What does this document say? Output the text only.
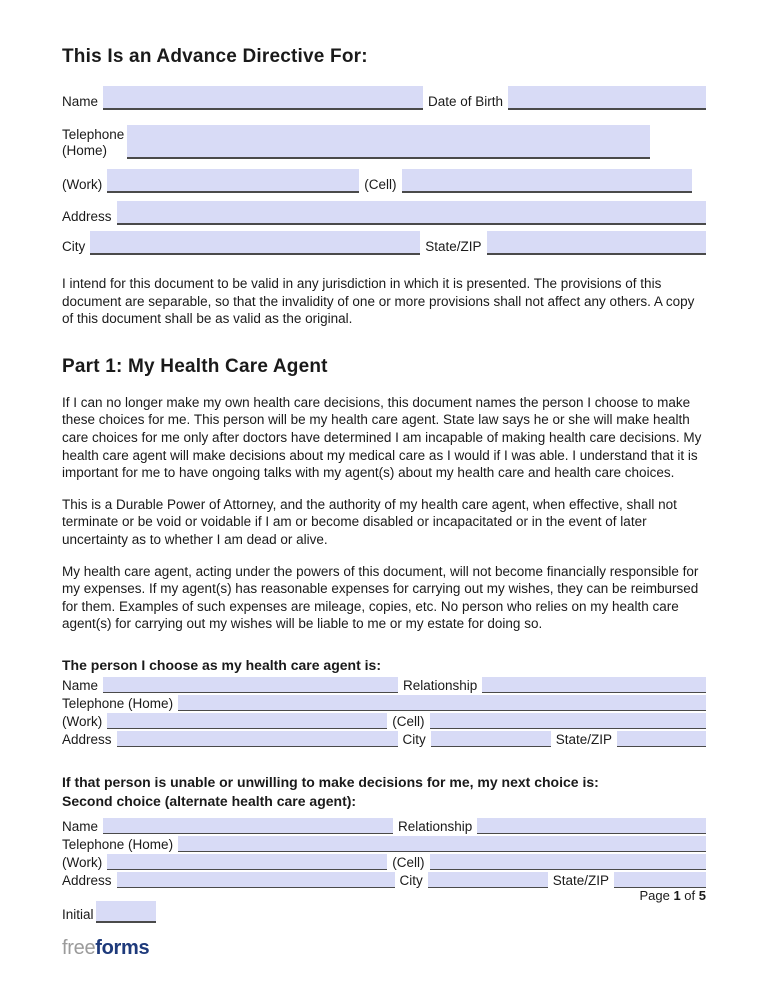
This Is an Advance Directive For:
Name	Date of Birth
Telephone
(Home)
(Work)	(Cell)
Address
City	State/ZIP

I intend for this document to be valid in any jurisdiction in which it is presented. The provisions of this document are separable, so that the invalidity of one or more provisions shall not affect any others. A copy of this document shall be as valid as the original.

Part 1: My Health Care Agent

If I can no longer make my own health care decisions, this document names the person I choose to make these choices for me. This person will be my health care agent. State law says he or she will make health care choices for me only after doctors have determined I am incapable of making health care decisions. My health care agent will make decisions about my medical care as I would if I was able. I understand that it is important for me to have ongoing talks with my agent(s) about my health care and health care choices.

This is a Durable Power of Attorney, and the authority of my health care agent, when effective, shall not terminate or be void or voidable if I am or become disabled or incapacitated or in the event of later uncertainty as to whether I am dead or alive.

My health care agent, acting under the powers of this document, will not become financially responsible for my expenses. If my agent(s) has reasonable expenses for carrying out my wishes, they can be reimbursed for them. Examples of such expenses are mileage, copies, etc. No person who relies on my health care agent(s) for carrying out my wishes will be liable to me or my estate for doing so.

The person I choose as my health care agent is:
Name	Relationship
Telephone (Home)
(Work)	(Cell)
Address	City	State/ZIP
If that person is unable or unwilling to make decisions for me, my next choice is:
Second choice (alternate health care agent):
Name	Relationship
Telephone (Home)
(Work)	(Cell)
Address	City	State/ZIP
Page 1 of 5
Initial
freeforms
